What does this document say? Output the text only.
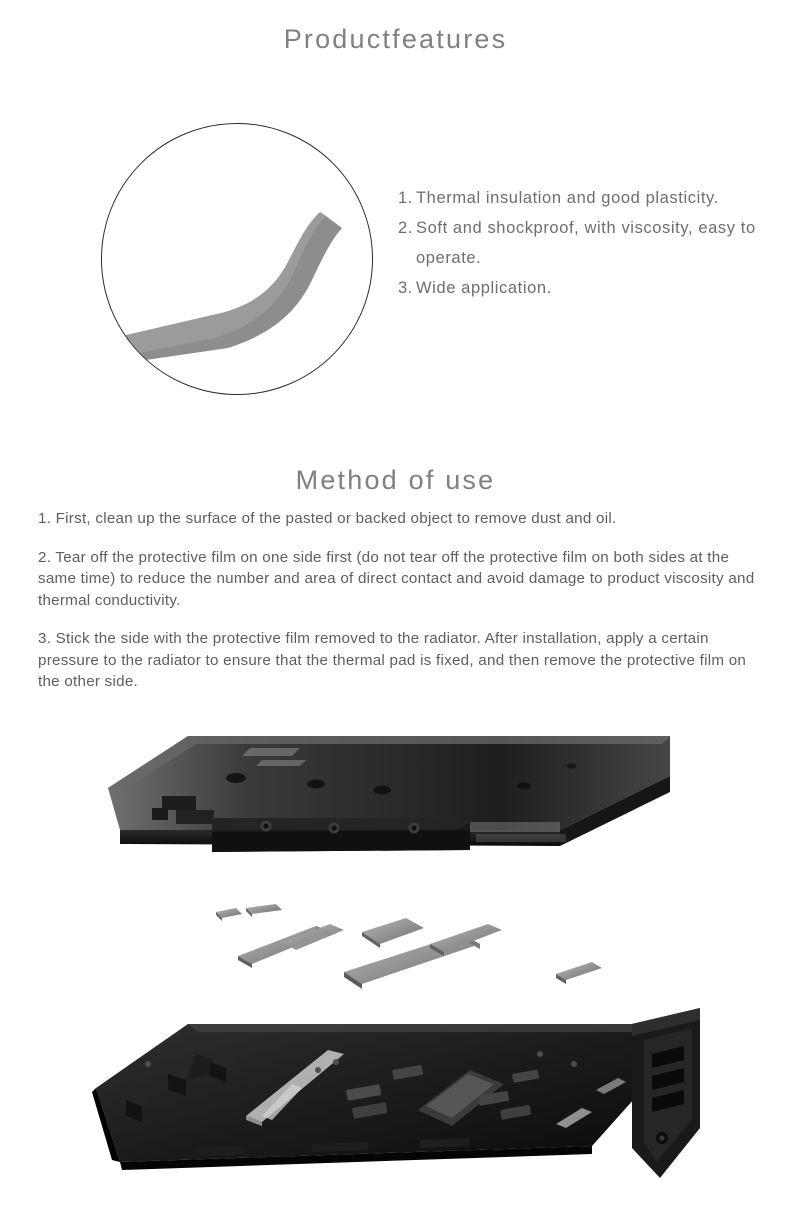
Productfeatures
1. Thermal insulation and good plasticity.
2. Soft and shockproof, with viscosity, easy to operate.
3. Wide application.
Method of use

1. First, clean up the surface of the pasted or backed object to remove dust and oil.

2. Tear off the protective film on one side first (do not tear off the protective film on both sides at the same time) to reduce the number and area of direct contact and avoid damage to product viscosity and thermal conductivity.

3. Stick the side with the protective film removed to the radiator. After installation, apply a certain pressure to the radiator to ensure that the thermal pad is fixed, and then remove the protective film on the other side.
